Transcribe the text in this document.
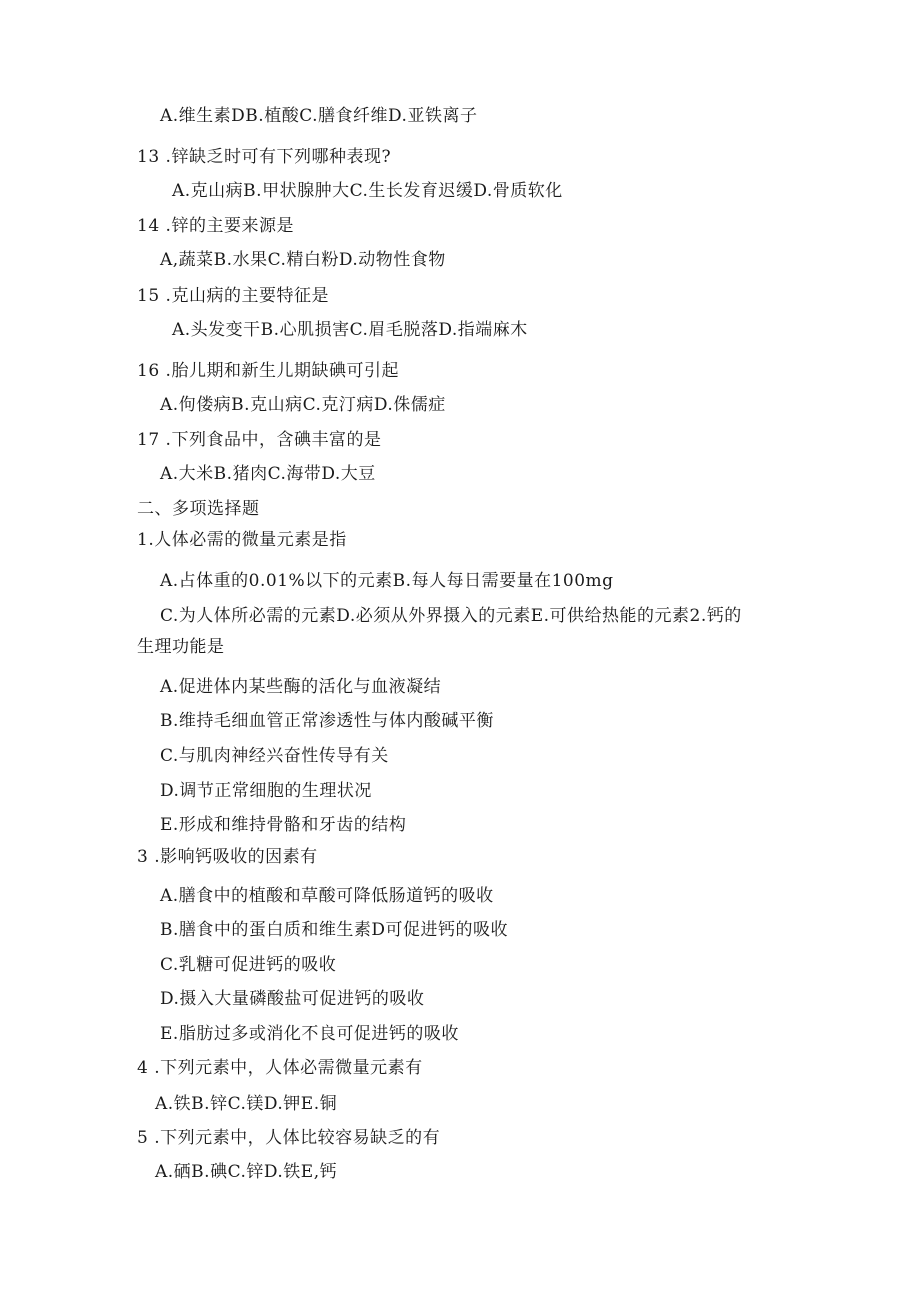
A.维生素DB.植酸C.膳食纤维D.亚铁离子
13 .锌缺乏时可有下列哪种表现?
A.克山病B.甲状腺肿大C.生长发育迟缓D.骨质软化
14 .锌的主要来源是
A,蔬菜B.水果C.精白粉D.动物性食物
15 .克山病的主要特征是
A.头发变干B.心肌损害C.眉毛脱落D.指端麻木
16 .胎儿期和新生儿期缺碘可引起
A.佝偻病B.克山病C.克汀病D.侏儒症
17 .下列食品中，含碘丰富的是
A.大米B.猪肉C.海带D.大豆
二、多项选择题
1.人体必需的微量元素是指
A.占体重的0.01%以下的元素B.每人每日需要量在100mg
C.为人体所必需的元素D.必须从外界摄入的元素E.可供给热能的元素2.钙的
生理功能是
A.促进体内某些酶的活化与血液凝结
B.维持毛细血管正常渗透性与体内酸碱平衡
C.与肌肉神经兴奋性传导有关
D.调节正常细胞的生理状况
E.形成和维持骨骼和牙齿的结构
3 .影响钙吸收的因素有
A.膳食中的植酸和草酸可降低肠道钙的吸收
B.膳食中的蛋白质和维生素D可促进钙的吸收
C.乳糖可促进钙的吸收
D.摄入大量磷酸盐可促进钙的吸收
E.脂肪过多或消化不良可促进钙的吸收
4 .下列元素中，人体必需微量元素有
A.铁B.锌C.镁D.钾E.铜
5 .下列元素中，人体比较容易缺乏的有
A.硒B.碘C.锌D.铁E,钙
